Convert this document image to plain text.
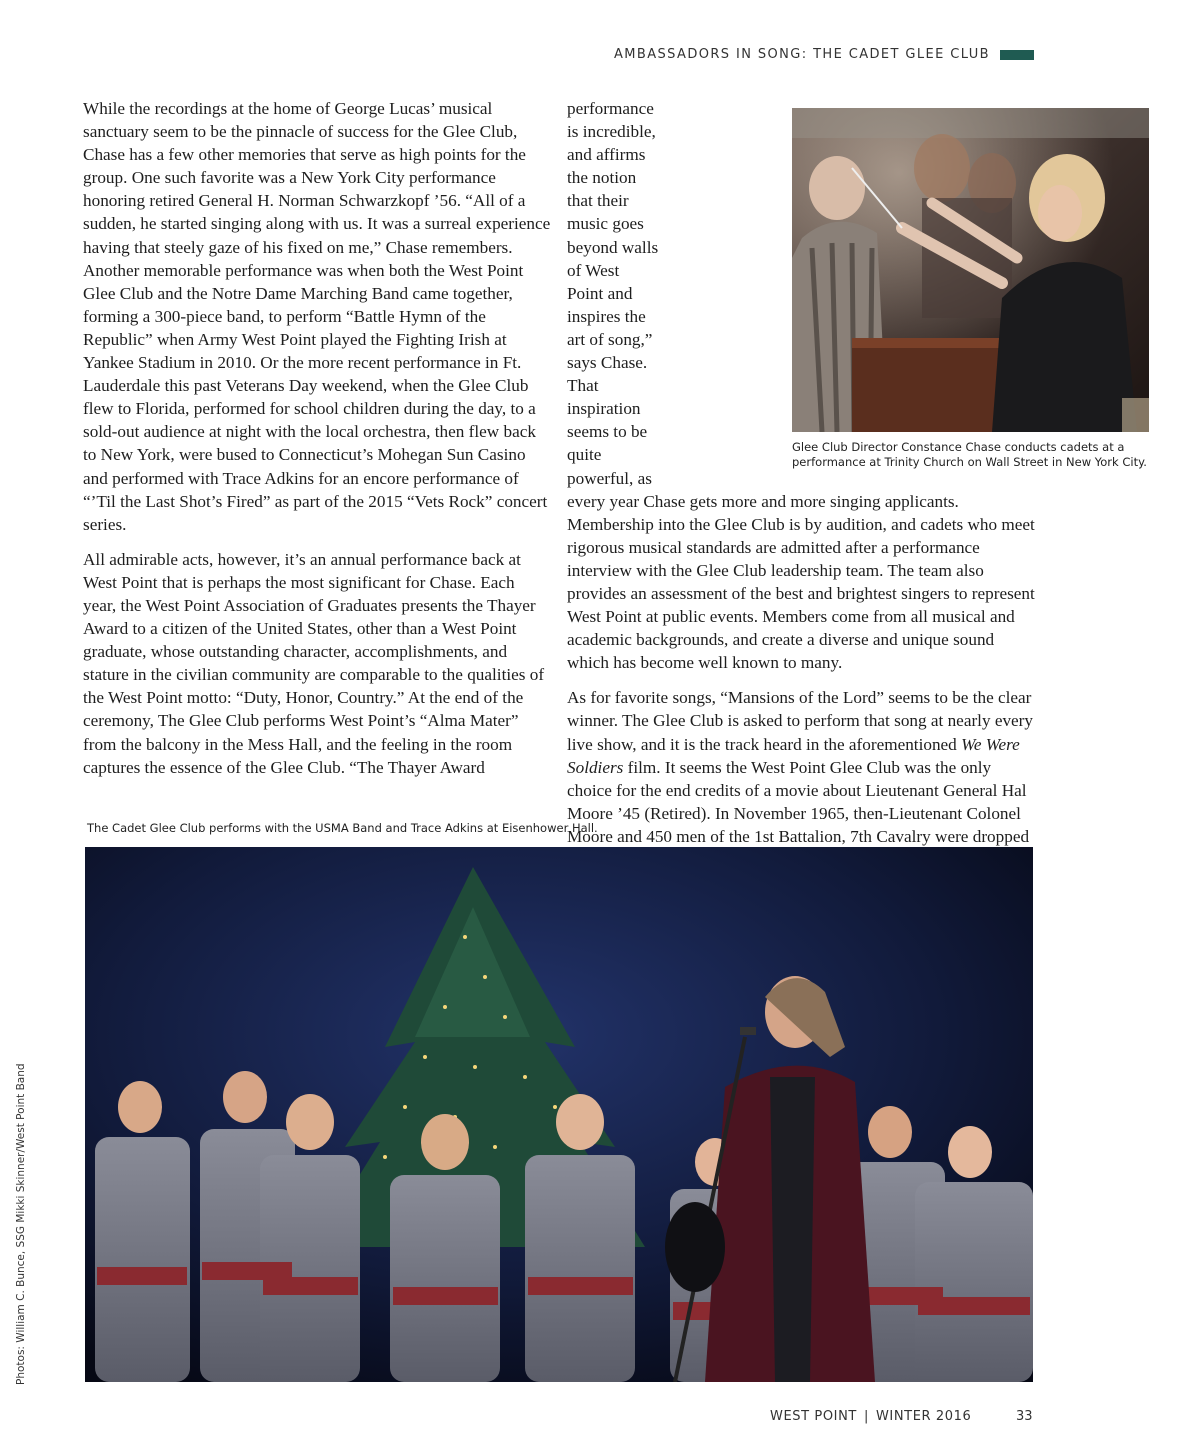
AMBASSADORS IN SONG: THE CADET GLEE CLUB

While the recordings at the home of George Lucas’ musical sanctuary seem to be the pinnacle of success for the Glee Club, Chase has a few other memories that serve as high points for the group. One such favorite was a New York City performance honoring retired General H. Norman Schwarzkopf ’56. “All of a sudden, he started singing along with us. It was a surreal experience having that steely gaze of his fixed on me,” Chase remembers. Another memorable performance was when both the West Point Glee Club and the Notre Dame Marching Band came together, forming a 300-piece band, to perform “Battle Hymn of the Republic” when Army West Point played the Fighting Irish at Yankee Stadium in 2010. Or the more recent performance in Ft. Lauderdale this past Veterans Day weekend, when the Glee Club flew to Florida, performed for school children during the day, to a sold-out audience at night with the local orchestra, then flew back to New York, were bused to Connecticut’s Mohegan Sun Casino and performed with Trace Adkins for an encore performance of “’Til the Last Shot’s Fired” as part of the 2015 “Vets Rock” concert series.

All admirable acts, however, it’s an annual performance back at West Point that is perhaps the most significant for Chase. Each year, the West Point Association of Graduates presents the Thayer Award to a citizen of the United States, other than a West Point graduate, whose outstanding character, accomplishments, and stature in the civilian community are comparable to the qualities of the West Point motto: “Duty, Honor, Country.” At the end of the ceremony, The Glee Club performs West Point’s “Alma Mater” from the balcony in the Mess Hall, and the feeling in the room captures the essence of the Glee Club. “The Thayer Award

performance is incredible, and affirms the notion that their music goes beyond walls of West Point and inspires the art of song,” says Chase. That inspiration seems to be quite powerful, as every year Chase gets more and more singing applicants. Membership into the Glee Club is by audition, and cadets who meet rigorous musical standards are admitted after a performance interview with the Glee Club leadership team. The team also provides an assessment of the best and brightest singers to represent West Point at public events. Members come from all musical and academic backgrounds, and create a diverse and unique sound which has become well known to many.

As for favorite songs, “Mansions of the Lord” seems to be the clear winner. The Glee Club is asked to perform that song at nearly every live show, and it is the track heard in the aforementioned We Were Soldiers film. It seems the West Point Glee Club was the only choice for the end credits of a movie about Lieutenant General Hal Moore ’45 (Retired). In November 1965, then-Lieutenant Colonel Moore and 450 men of the 1st Battalion, 7th Cavalry were dropped

Glee Club Director Constance Chase conducts cadets at a performance at Trinity Church on Wall Street in New York City.
The Cadet Glee Club performs with the USMA Band and Trace Adkins at Eisenhower Hall.
Photos: William C. Bunce, SSG Mikki Skinner/West Point Band
WEST POINT | WINTER 2016	33
